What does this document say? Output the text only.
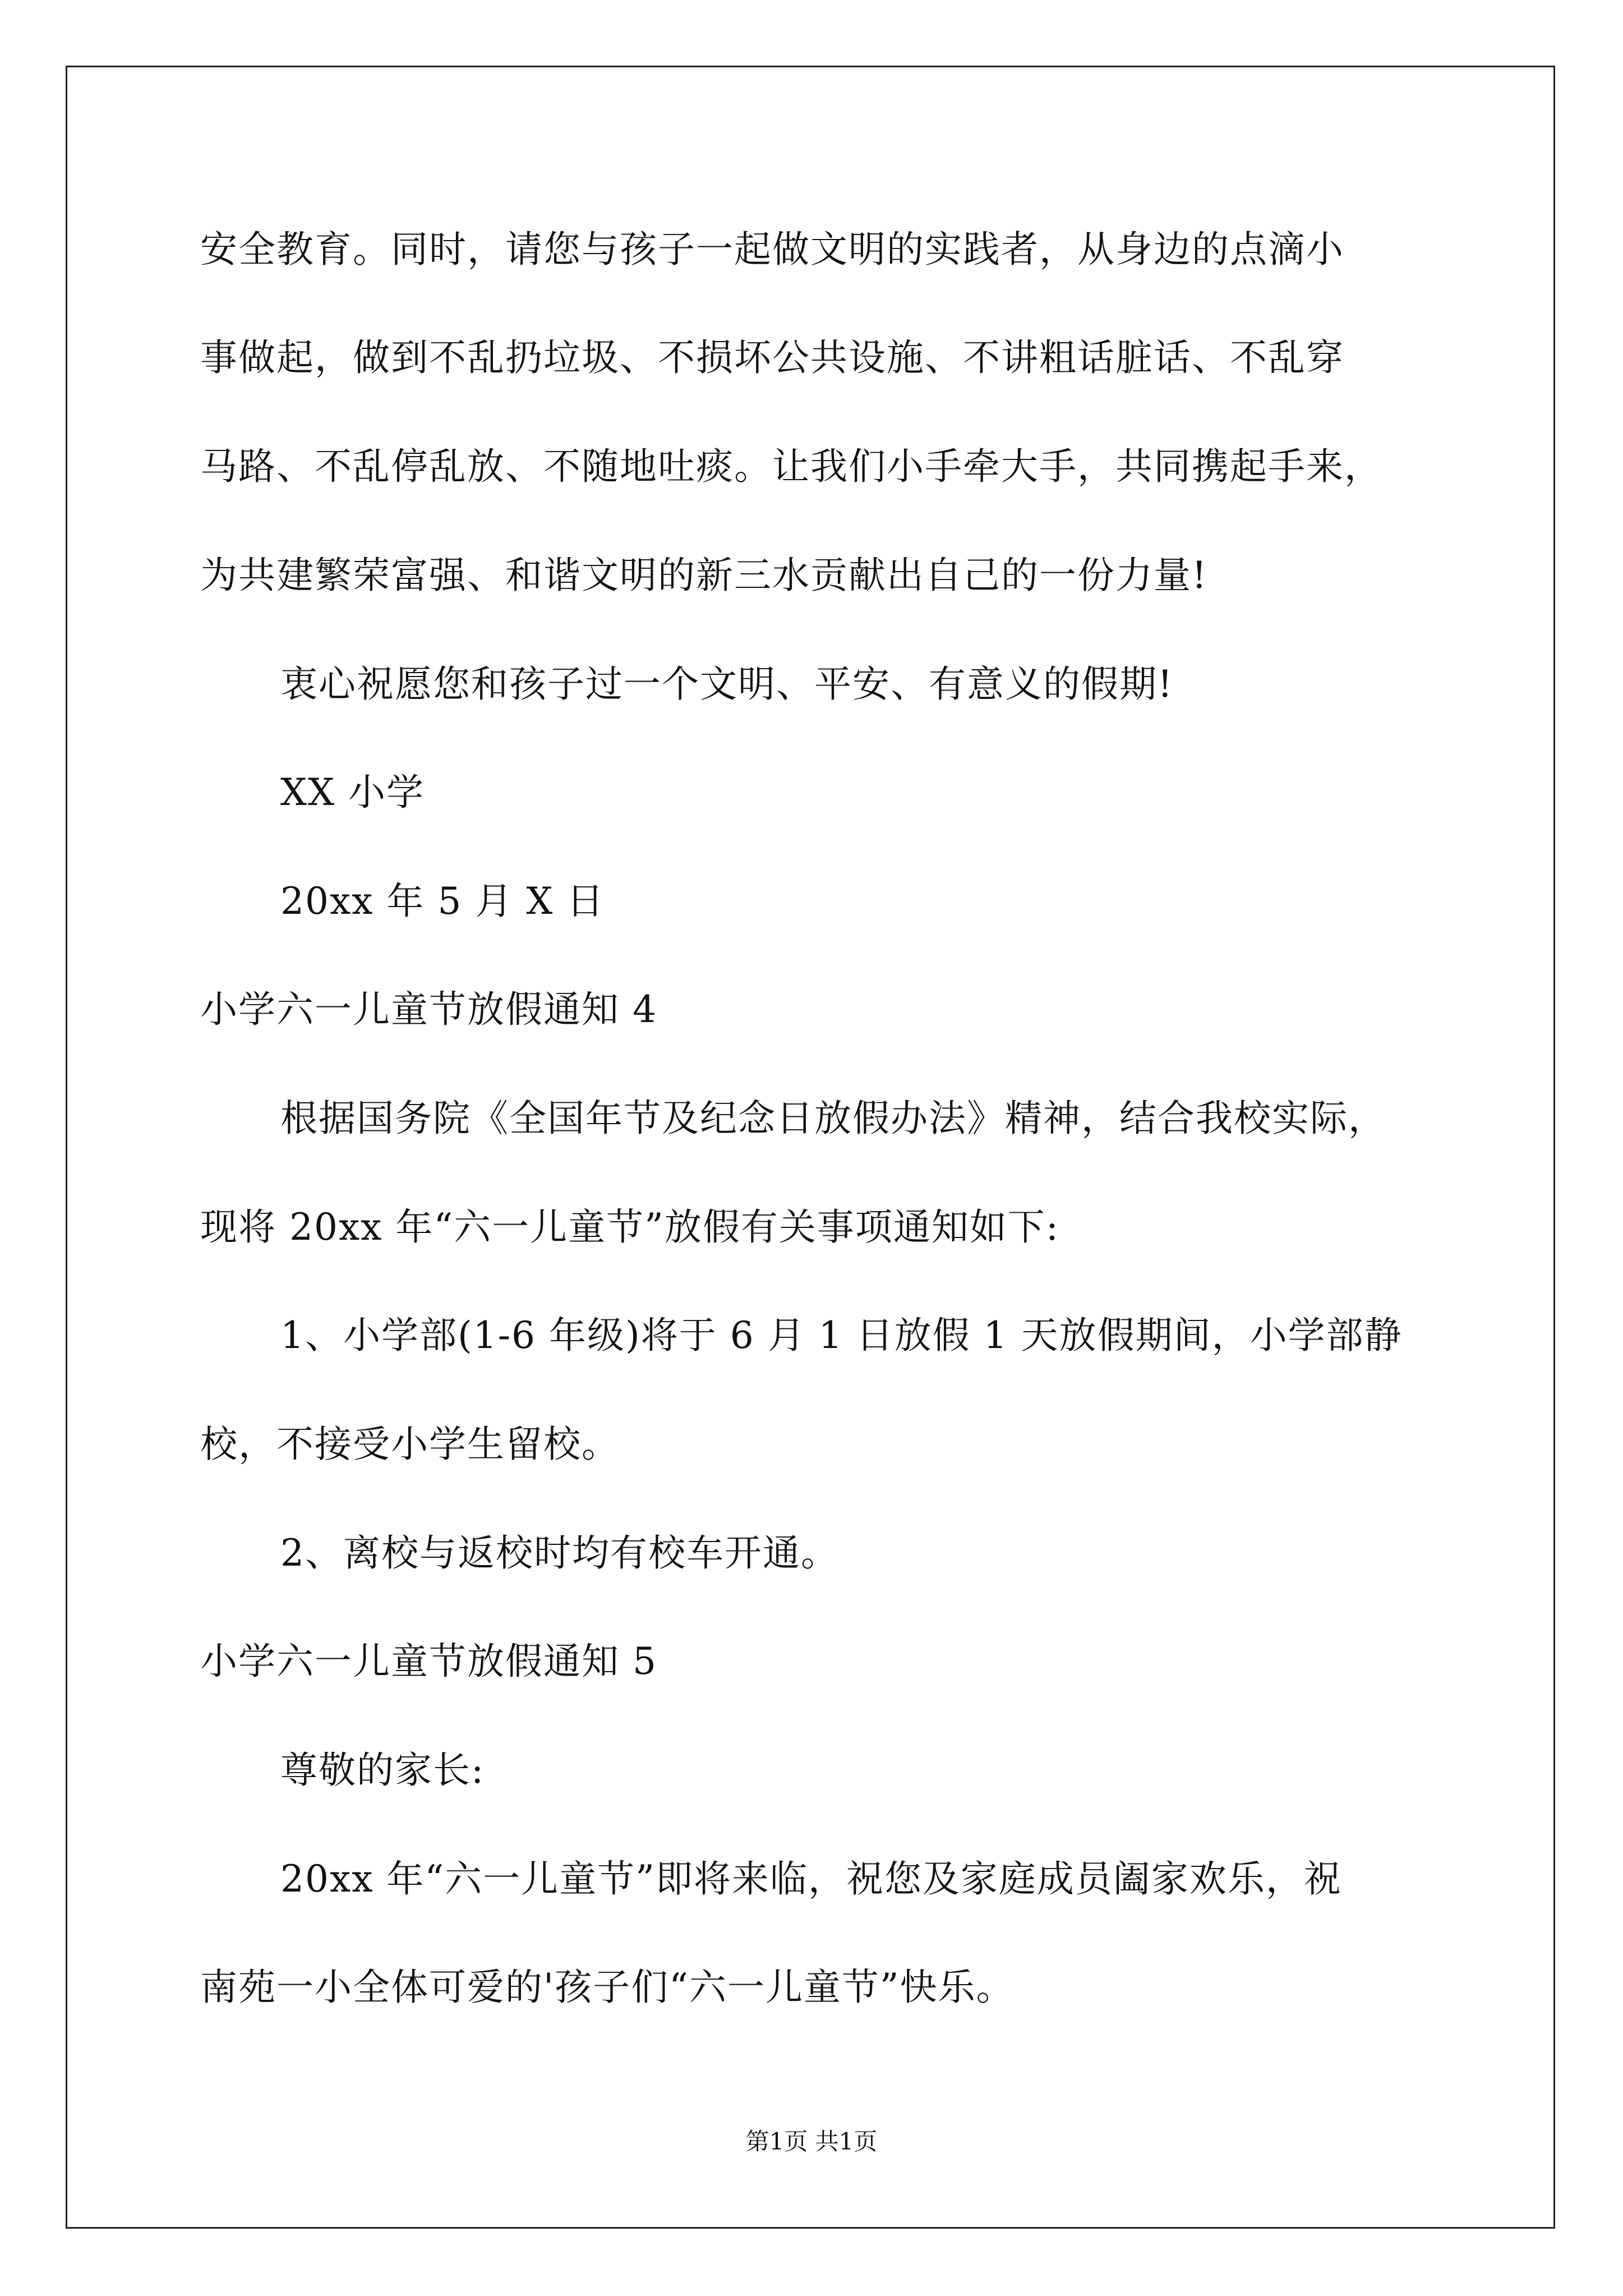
安全教育。同时，请您与孩子一起做文明的实践者，从身边的点滴小
事做起，做到不乱扔垃圾、不损坏公共设施、不讲粗话脏话、不乱穿
马路、不乱停乱放、不随地吐痰。让我们小手牵大手，共同携起手来，
为共建繁荣富强、和谐文明的新三水贡献出自己的一份力量!
衷心祝愿您和孩子过一个文明、平安、有意义的假期!
XX 小学
20xx 年 5 月 X 日
小学六一儿童节放假通知 4
根据国务院《全国年节及纪念日放假办法》精神，结合我校实际，
现将 20xx 年“六一儿童节”放假有关事项通知如下:
1、小学部(1-6 年级)将于 6 月 1 日放假 1 天放假期间，小学部静
校，不接受小学生留校。
2、离校与返校时均有校车开通。
小学六一儿童节放假通知 5
尊敬的家长:
20xx 年“六一儿童节”即将来临，祝您及家庭成员阖家欢乐，祝
南苑一小全体可爱的'孩子们“六一儿童节”快乐。
第1页 共1页
